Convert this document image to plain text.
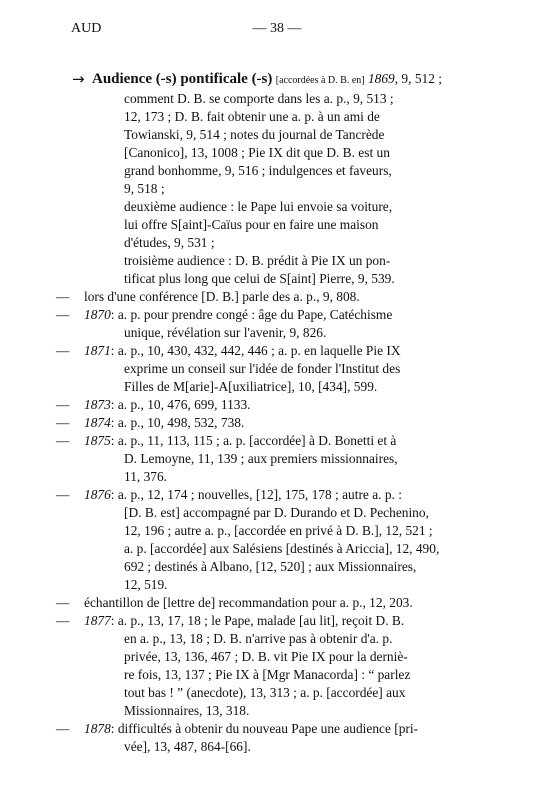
AUD	— 38 —
→ Audience (-s) pontificale (-s) [accordées à D. B. en] 1869, 9, 512 ;

comment D. B. se comporte dans les a. p., 9, 513 ;

12, 173 ; D. B. fait obtenir une a. p. à un ami de

Towianski, 9, 514 ; notes du journal de Tancrède

[Canonico], 13, 1008 ; Pie IX dit que D. B. est un

grand bonhomme, 9, 516 ; indulgences et faveurs,

9, 518 ;

deuxième audience : le Pape lui envoie sa voiture,

lui offre S[aint]-Caïus pour en faire une maison

d'études, 9, 531 ;

troisième audience : D. B. prédit à Pie IX un pon-

tificat plus long que celui de S[aint] Pierre, 9, 539.

—	lors d'une conférence [D. B.] parle des a. p., 9, 808.
—	1870: a. p. pour prendre congé : âge du Pape, Catéchisme

unique, révélation sur l'avenir, 9, 826.

—	1871: a. p., 10, 430, 432, 442, 446 ; a. p. en laquelle Pie IX

exprime un conseil sur l'idée de fonder l'Institut des

Filles de M[arie]-A[uxiliatrice], 10, [434], 599.

—	1873: a. p., 10, 476, 699, 1133.
—	1874: a. p., 10, 498, 532, 738.
—	1875: a. p., 11, 113, 115 ; a. p. [accordée] à D. Bonetti et à

D. Lemoyne, 11, 139 ; aux premiers missionnaires,

11, 376.

—	1876: a. p., 12, 174 ; nouvelles, [12], 175, 178 ; autre a. p. :

[D. B. est] accompagné par D. Durando et D. Pechenino,

12, 196 ; autre a. p., [accordée en privé à D. B.], 12, 521 ;

a. p. [accordée] aux Salésiens [destinés à Ariccia], 12, 490,

692 ; destinés à Albano, [12, 520] ; aux Missionnaires,

12, 519.

—	échantillon de [lettre de] recommandation pour a. p., 12, 203.
—	1877: a. p., 13, 17, 18 ; le Pape, malade [au lit], reçoit D. B.

en a. p., 13, 18 ; D. B. n'arrive pas à obtenir d'a. p.

privée, 13, 136, 467 ; D. B. vit Pie IX pour la derniè-

re fois, 13, 137 ; Pie IX à [Mgr Manacorda] : “ parlez

tout bas ! ” (anecdote), 13, 313 ; a. p. [accordée] aux

Missionnaires, 13, 318.

—	1878: difficultés à obtenir du nouveau Pape une audience [pri-

vée], 13, 487, 864-[66].
